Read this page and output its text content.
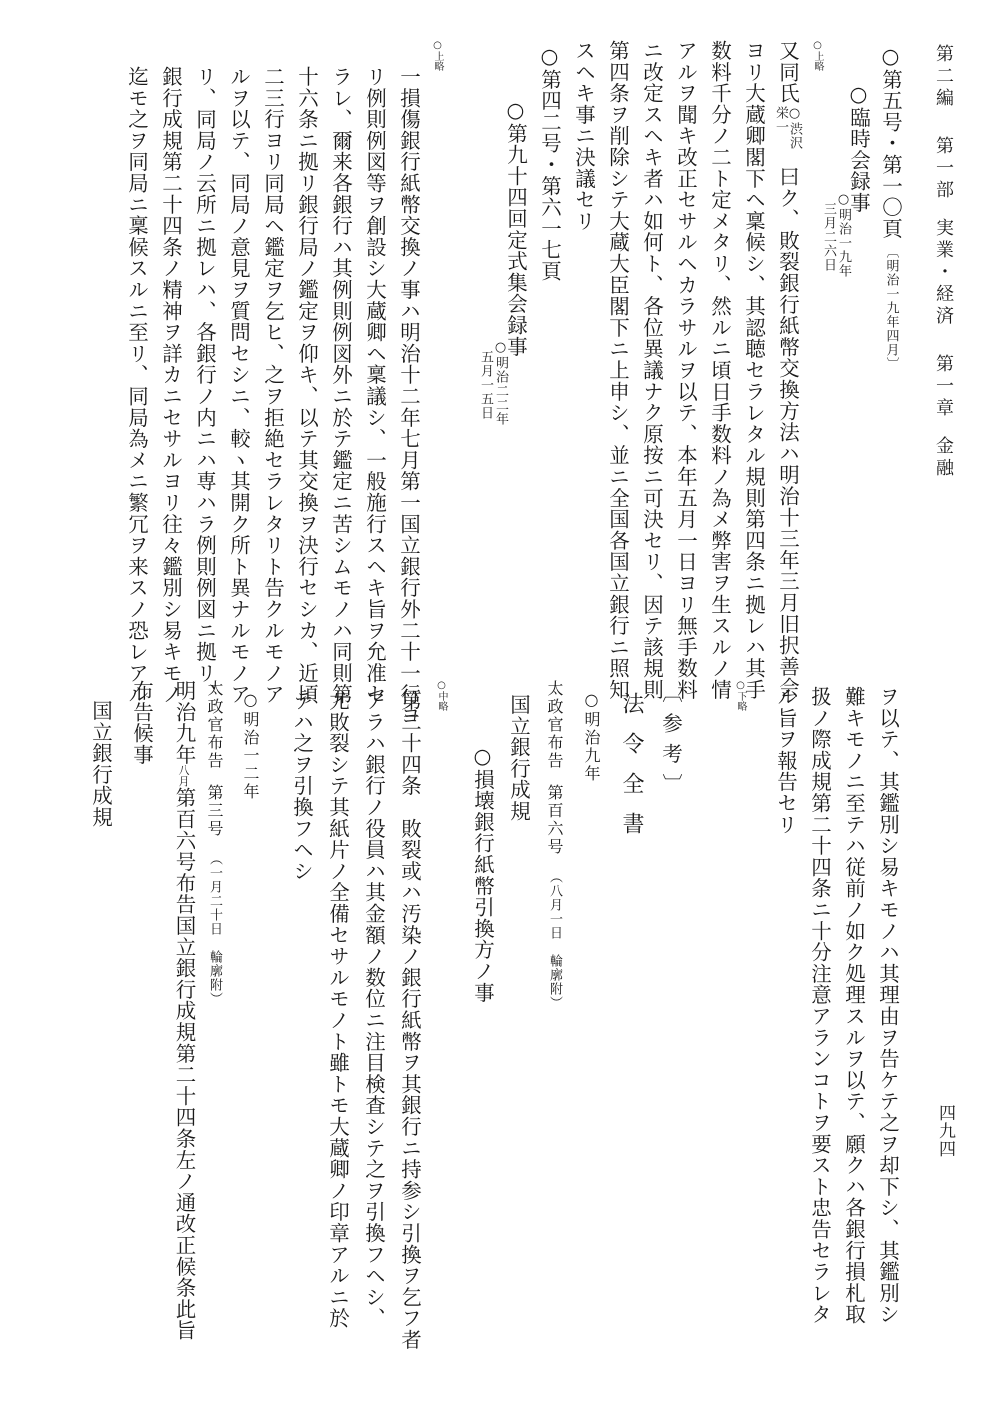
第二編第一部実業・経済第一章金融
四九四
○第五号・第一〇頁〔明治一九年四月〕
○臨時会録事
○明治一九年
三月二六日
○上略
又同氏
○渋沢
栄一
曰ク、敗裂銀行紙幣交換方法ハ明治十三年三月旧択善会
ヨリ大蔵卿閣下ヘ稟候シ、其認聴セラレタル規則第四条ニ拠レハ其手
数料千分ノ二ト定メタリ、然ルニ頃日手数料ノ為メ弊害ヲ生スルノ情
アルヲ聞キ改正セサルヘカラサルヲ以テ、本年五月一日ヨリ無手数料
ニ改定スヘキ者ハ如何ト、各位異議ナク原按ニ可決セリ、因テ該規則
第四条ヲ削除シテ大蔵大臣閣下ニ上申シ、並ニ全国各国立銀行ニ照知
スヘキ事ニ決議セリ
○第四二号・第六一七頁
○第九十四回定式集会録事
○明治二二年
五月一五日
○上略
一損傷銀行紙幣交換ノ事ハ明治十二年七月第一国立銀行外二十一行ヨ
リ例則例図等ヲ創設シ大蔵卿ヘ稟議シ、一般施行スヘキ旨ヲ允准セ
ラレ、爾来各銀行ハ其例則例図外ニ於テ鑑定ニ苦シムモノハ同則第
十六条ニ拠リ銀行局ノ鑑定ヲ仰キ、以テ其交換ヲ決行セシカ、近頃
二三行ヨリ同局ヘ鑑定ヲ乞ヒ、之ヲ拒絶セラレタリト告クルモノア
ルヲ以テ、同局ノ意見ヲ質問セシニ、較ヽ其開ク所ト異ナルモノア
リ、同局ノ云所ニ拠レハ、各銀行ノ内ニハ専ハラ例則例図ニ拠リ、
銀行成規第二十四条ノ精神ヲ詳カニセサルヨリ往々鑑別シ易キモノ
迄モ之ヲ同局ニ稟候スルニ至リ、同局為メニ繁冗ヲ来スノ恐レアル
ヲ以テ、其鑑別シ易キモノハ其理由ヲ告ケテ之ヲ却下シ、其鑑別シ
難キモノニ至テハ従前ノ如ク処理スルヲ以テ、願クハ各銀行損札取
扱ノ際成規第二十四条ニ十分注意アランコトヲ要スト忠告セラレタ
ル旨ヲ報告セリ
○下略
〔参考〕
法令全書
○明治九年
太政官布告第百六号（八月一日　輪廓附）
国立銀行成規
○損壊銀行紙幣引換方ノ事
○中略
第二十四条　敗裂或ハ汚染ノ銀行紙幣ヲ其銀行ニ持参シ引換ヲ乞フ者
アラハ銀行ノ役員ハ其金額ノ数位ニ注目検査シテ之ヲ引換フヘシ、
尤敗裂シテ其紙片ノ全備セサルモノト雖トモ大蔵卿ノ印章アルニ於
テハ之ヲ引換フヘシ
○明治一二年
太政官布告第三号（一月二十日　輪廓附）
明治九年八
月第百六号布告国立銀行成規第二十四条左ノ通改正候条此旨
布告候事
国立銀行成規
